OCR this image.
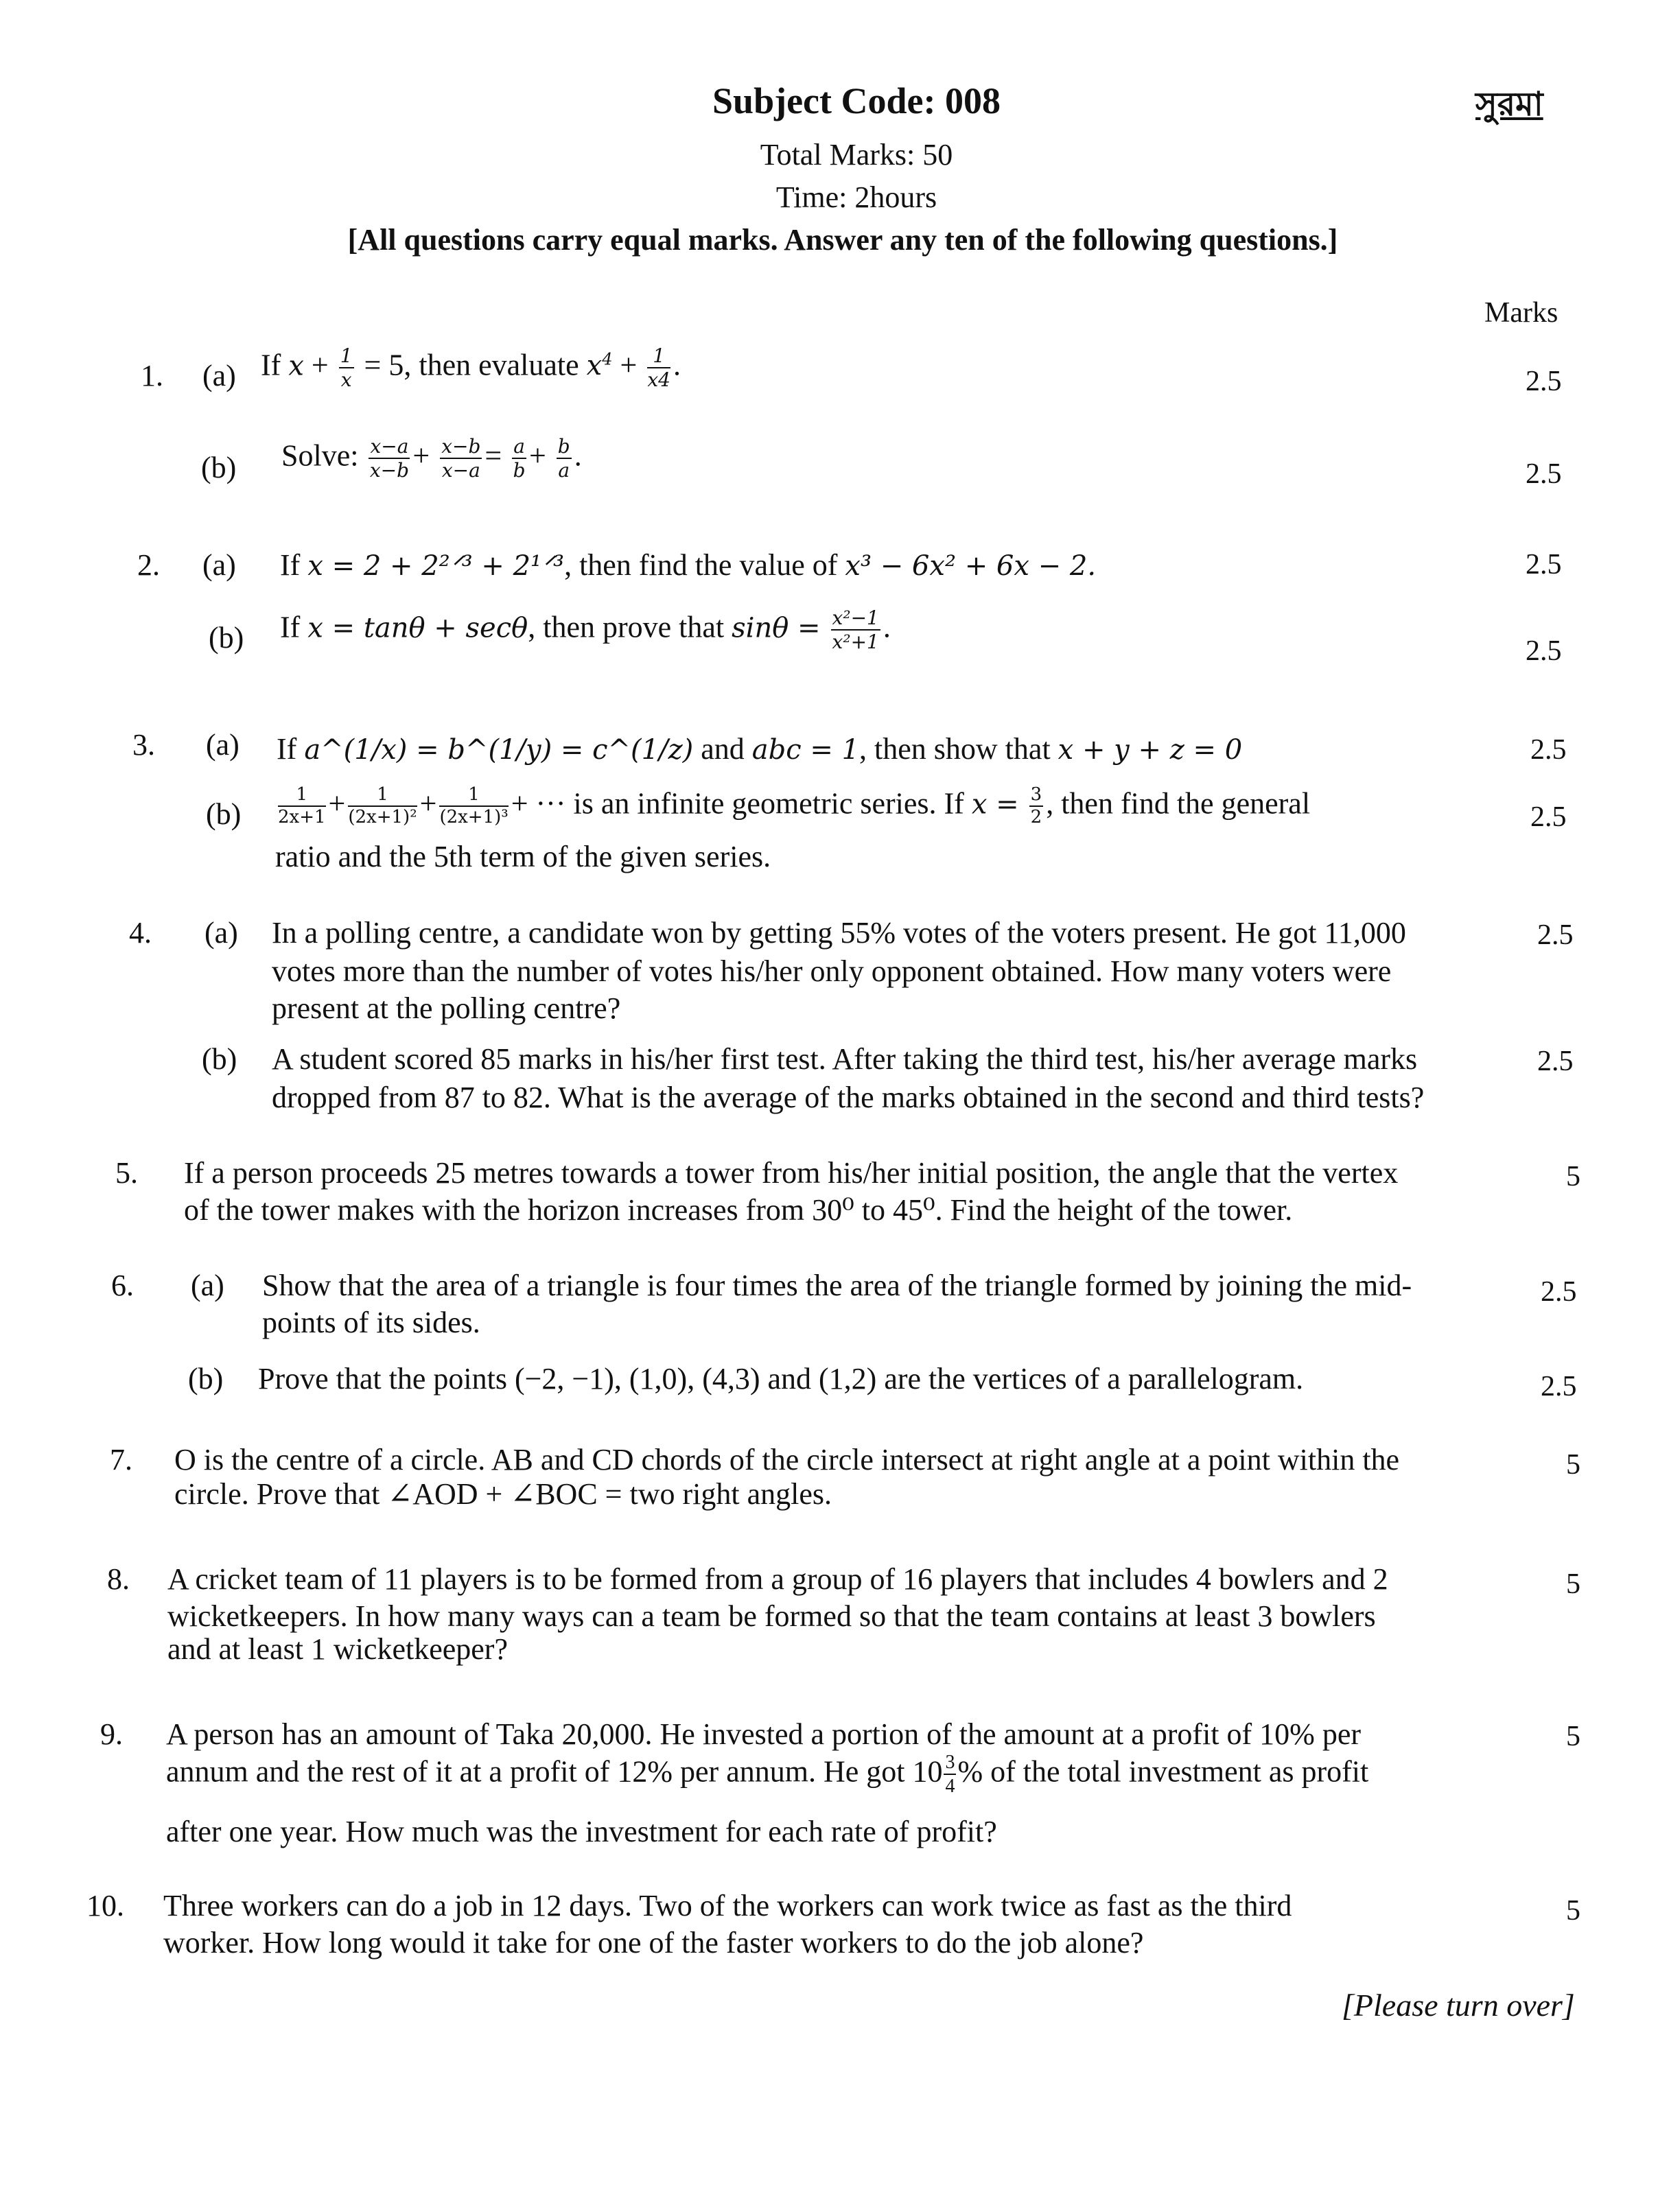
Subject Code: 008	সুরমা
Total Marks: 50
Time: 2hours
[All questions carry equal marks. Answer any ten of the following questions.]
Marks
1. (a) If $x + \frac{1}{x} = 5$, then evaluate $x^4 + \frac{1}{x4}$ .	2.5
(b) Solve: $\frac{x-a}{x-b} + \frac{x-b}{x-a} = \frac{a}{b} + \frac{b}{a}$ .
2.5
2. (a) If x = 2 + 2²ᐟ³ + 2¹ᐟ³, then find the value of x³ − 6x² + 6x − 2.	2.5
(b) If x = tanθ + secθ, then prove that $\sin\theta = \frac{\text{x²−1}}{\text{x²+1}}$ .
2.5
3. (a) If a^(1/x) = b^(1/y) = c^(1/z) and abc = 1, then show that x + y + z = 0	2.5
$(b) \frac{1}{2x+1} + \frac{1}{\text{(2x+1)²}} + \frac{1}{\text{(2x+1)³}}$ + ··· is an infinite geometric series. If $x = \frac{3}{2}$ , then find the general
ratio and the 5th term of the given series.
2.5
4. (a) In a polling centre, a candidate won by getting 55% votes of the voters present. He got 11,000
votes more than the number of votes his/her only opponent obtained. How many voters were
present at the polling centre?
2.5
(b) A student scored 85 marks in his/her first test. After taking the third test, his/her average marks
dropped from 87 to 82. What is the average of the marks obtained in the second and third tests?
2.5
5. If a person proceeds 25 metres towards a tower from his/her initial position, the angle that the vertex
of the tower makes with the horizon increases from 30⁰ to 45⁰. Find the height of the tower.
5
6. (a) Show that the area of a triangle is four times the area of the triangle formed by joining the mid-
points of its sides.
2.5
(b) Prove that the points (−2, −1), (1,0), (4,3) and (1,2) are the vertices of a parallelogram.	2.5
7. O is the centre of a circle. AB and CD chords of the circle intersect at right angle at a point within the
circle. Prove that ∠AOD + ∠BOC = two right angles.
5
8. A cricket team of 11 players is to be formed from a group of 16 players that includes 4 bowlers and 2
wicketkeepers. In how many ways can a team be formed so that the team contains at least 3 bowlers
and at least 1 wicketkeeper?
5
9. A person has an amount of Taka 20,000. He invested a portion of the amount at a profit of 10% per
annum and the rest of it at a profit of 12% per annum. He got $10 \frac{3}{4}$ % of the total investment as profit
after one year. How much was the investment for each rate of profit?
5
10. Three workers can do a job in 12 days. Two of the workers can work twice as fast as the third
worker. How long would it take for one of the faster workers to do the job alone?
5
[Please turn over]
